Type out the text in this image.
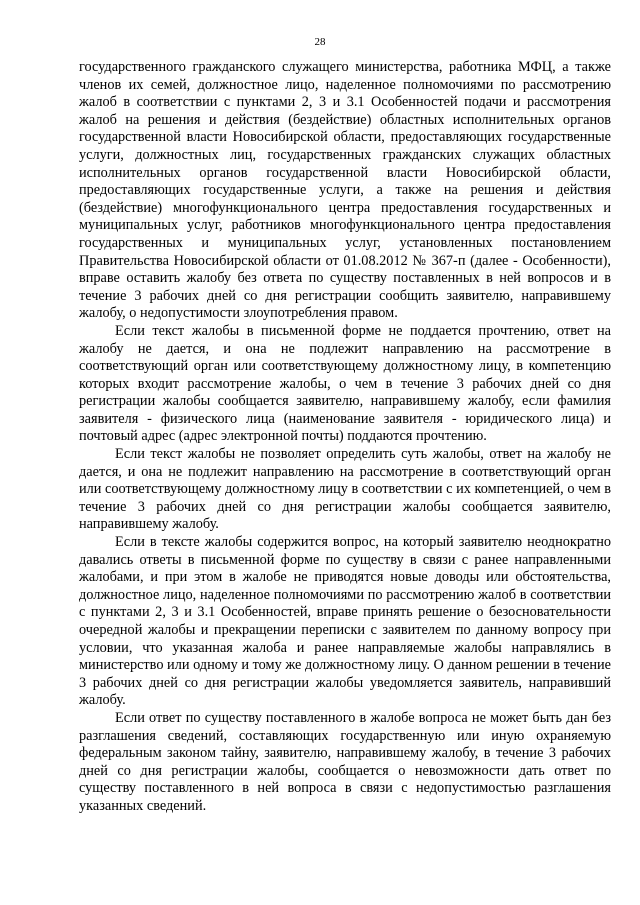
28

государственного гражданского служащего министерства, работника МФЦ, а также членов их семей, должностное лицо, наделенное полномочиями по рассмотрению жалоб в соответствии с пунктами 2, 3 и 3.1 Особенностей подачи и рассмотрения жалоб на решения и действия (бездействие) областных исполнительных органов государственной власти Новосибирской области, предоставляющих государственные услуги, должностных лиц, государственных гражданских служащих областных исполнительных органов государственной власти Новосибирской области, предоставляющих государственные услуги, а также на решения и действия (бездействие) многофункционального центра предоставления государственных и муниципальных услуг, работников многофункционального центра предоставления государственных и муниципальных услуг, установленных постановлением Правительства Новосибирской области от 01.08.2012 № 367-п (далее - Особенности), вправе оставить жалобу без ответа по существу поставленных в ней вопросов и в течение 3 рабочих дней со дня регистрации сообщить заявителю, направившему жалобу, о недопустимости злоупотребления правом.

Если текст жалобы в письменной форме не поддается прочтению, ответ на жалобу не дается, и она не подлежит направлению на рассмотрение в соответствующий орган или соответствующему должностному лицу, в компетенцию которых входит рассмотрение жалобы, о чем в течение 3 рабочих дней со дня регистрации жалобы сообщается заявителю, направившему жалобу, если фамилия заявителя - физического лица (наименование заявителя - юридического лица) и почтовый адрес (адрес электронной почты) поддаются прочтению.

Если текст жалобы не позволяет определить суть жалобы, ответ на жалобу не дается, и она не подлежит направлению на рассмотрение в соответствующий орган или соответствующему должностному лицу в соответствии с их компетенцией, о чем в течение 3 рабочих дней со дня регистрации жалобы сообщается заявителю, направившему жалобу.

Если в тексте жалобы содержится вопрос, на который заявителю неоднократно давались ответы в письменной форме по существу в связи с ранее направленными жалобами, и при этом в жалобе не приводятся новые доводы или обстоятельства, должностное лицо, наделенное полномочиями по рассмотрению жалоб в соответствии с пунктами 2, 3 и 3.1 Особенностей, вправе принять решение о безосновательности очередной жалобы и прекращении переписки с заявителем по данному вопросу при условии, что указанная жалоба и ранее направляемые жалобы направлялись в министерство или одному и тому же должностному лицу. О данном решении в течение 3 рабочих дней со дня регистрации жалобы уведомляется заявитель, направивший жалобу.

Если ответ по существу поставленного в жалобе вопроса не может быть дан без разглашения сведений, составляющих государственную или иную охраняемую федеральным законом тайну, заявителю, направившему жалобу, в течение 3 рабочих дней со дня регистрации жалобы, сообщается о невозможности дать ответ по существу поставленного в ней вопроса в связи с недопустимостью разглашения указанных сведений.
